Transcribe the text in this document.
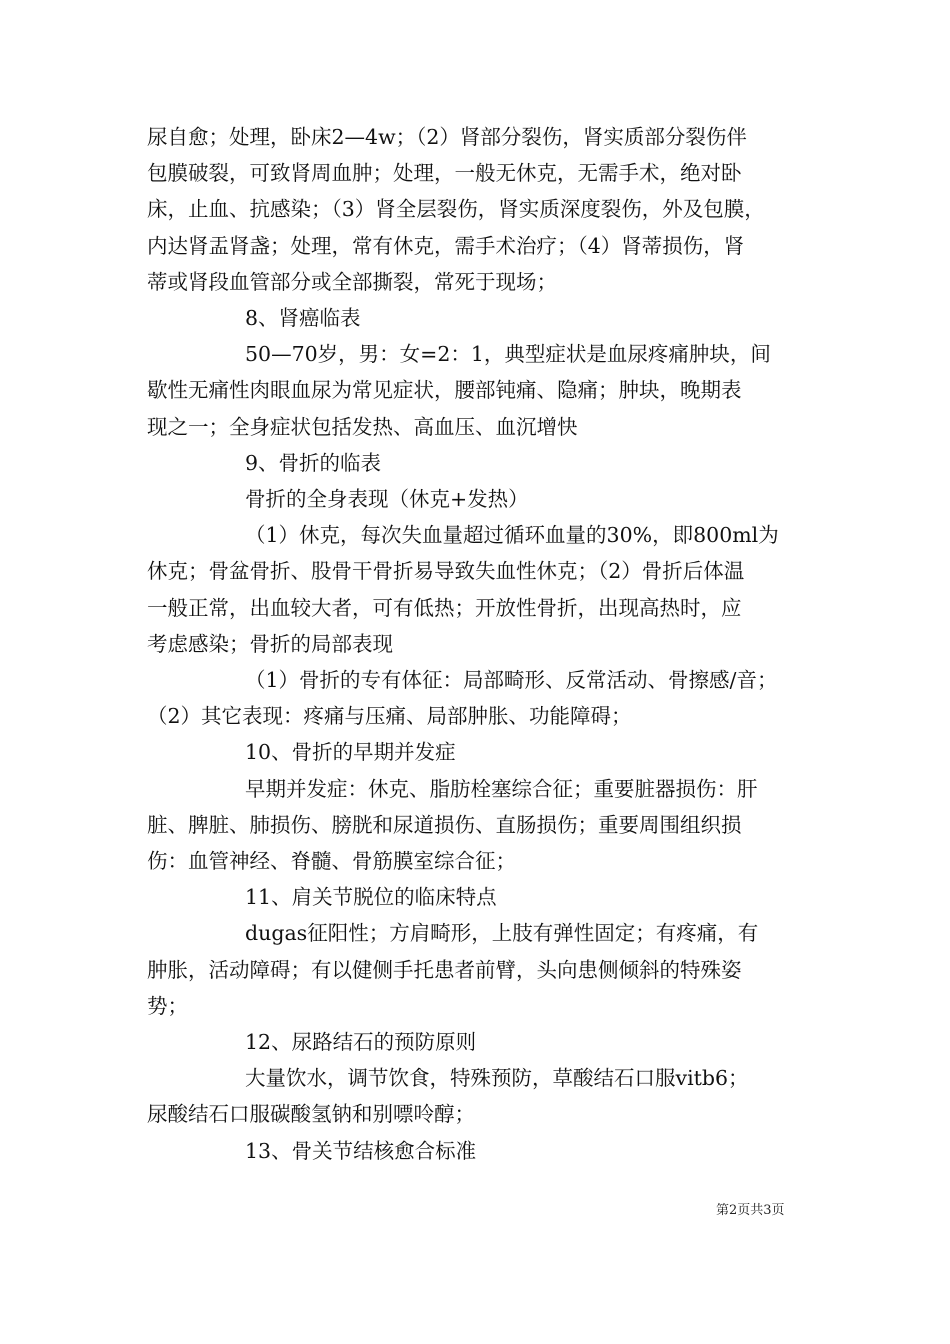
尿自愈；处理，卧床2—4w；（2）肾部分裂伤，肾实质部分裂伤伴
包膜破裂，可致肾周血肿；处理，一般无休克，无需手术，绝对卧
床，止血、抗感染；（3）肾全层裂伤，肾实质深度裂伤，外及包膜，
内达肾盂肾盏；处理，常有休克，需手术治疗；（4）肾蒂损伤，肾
蒂或肾段血管部分或全部撕裂，常死于现场；

8、肾癌临表

50—70岁，男：女=2：1，典型症状是血尿疼痛肿块，间
歇性无痛性肉眼血尿为常见症状，腰部钝痛、隐痛；肿块，晚期表
现之一；全身症状包括发热、高血压、血沉增快

9、骨折的临表

骨折的全身表现（休克+发热）

（1）休克，每次失血量超过循环血量的30%，即800ml为
休克；骨盆骨折、股骨干骨折易导致失血性休克；（2）骨折后体温
一般正常，出血较大者，可有低热；开放性骨折，出现高热时，应
考虑感染；骨折的局部表现

（1）骨折的专有体征：局部畸形、反常活动、骨擦感/音；
（2）其它表现：疼痛与压痛、局部肿胀、功能障碍；

10、骨折的早期并发症

早期并发症：休克、脂肪栓塞综合征；重要脏器损伤：肝
脏、脾脏、肺损伤、膀胱和尿道损伤、直肠损伤；重要周围组织损
伤：血管神经、脊髓、骨筋膜室综合征；

11、肩关节脱位的临床特点

dugas征阳性；方肩畸形，上肢有弹性固定；有疼痛，有
肿胀，活动障碍；有以健侧手托患者前臂，头向患侧倾斜的特殊姿
势；

12、尿路结石的预防原则

大量饮水，调节饮食，特殊预防，草酸结石口服vitb6；
尿酸结石口服碳酸氢钠和别嘌呤醇；

13、骨关节结核愈合标准

第2页共3页
